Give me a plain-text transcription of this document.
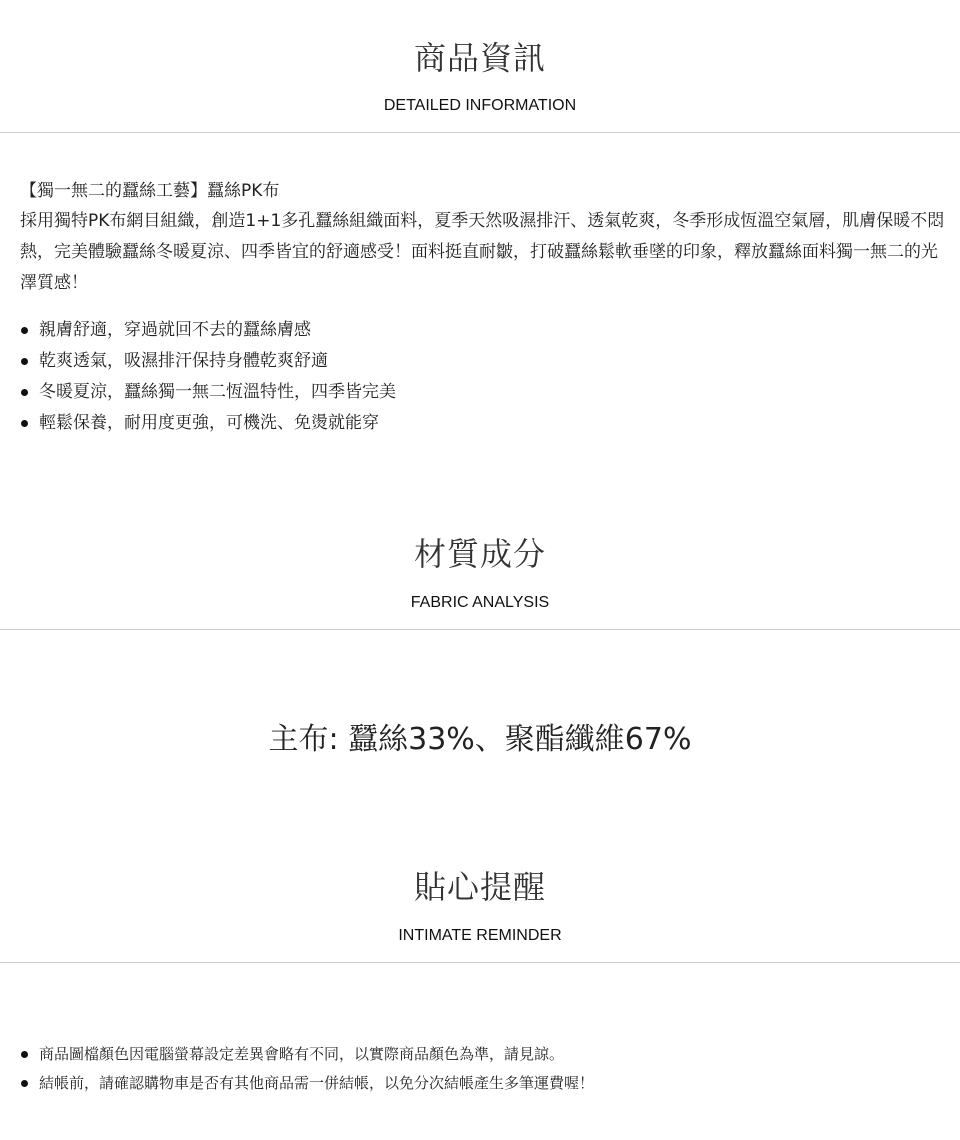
商品資訊
DETAILED INFORMATION
【獨一無二的蠶絲工藝】蠶絲PK布
採用獨特PK布網目組織，創造1+1多孔蠶絲組織面料，夏季天然吸濕排汗、透氣乾爽，冬季形成恆溫空氣層，肌膚保暖不悶熱，完美體驗蠶絲冬暖夏涼、四季皆宜的舒適感受！面料挺直耐皺，打破蠶絲鬆軟垂墜的印象，釋放蠶絲面料獨一無二的光澤質感！
親膚舒適，穿過就回不去的蠶絲膚感
乾爽透氣，吸濕排汗保持身體乾爽舒適
冬暖夏涼，蠶絲獨一無二恆溫特性，四季皆完美
輕鬆保養，耐用度更強，可機洗、免燙就能穿
材質成分
FABRIC ANALYSIS
主布: 蠶絲33%、聚酯纖維67%
貼心提醒
INTIMATE REMINDER
商品圖檔顏色因電腦螢幕設定差異會略有不同，以實際商品顏色為準，請見諒。
結帳前，請確認購物車是否有其他商品需一併結帳，以免分次結帳產生多筆運費喔！
